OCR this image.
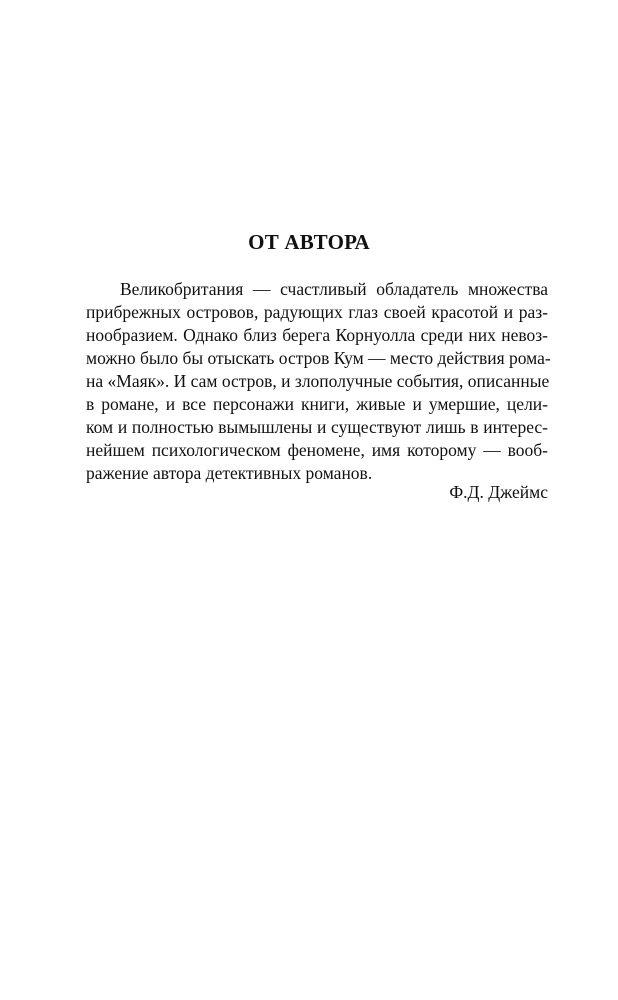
ОТ АВТОРА
Великобритания — счастливый обладатель множества
прибрежных островов, радующих глаз своей красотой и раз-
нообразием. Однако близ берега Корнуолла среди них невоз-
можно было бы отыскать остров Кум — место действия рома-
на «Маяк». И сам остров, и злополучные события, описанные
в романе, и все персонажи книги, живые и умершие, цели-
ком и полностью вымышлены и существуют лишь в интерес-
нейшем психологическом феномене, имя которому — вооб-
ражение автора детективных романов.
Ф.Д. Джеймс
